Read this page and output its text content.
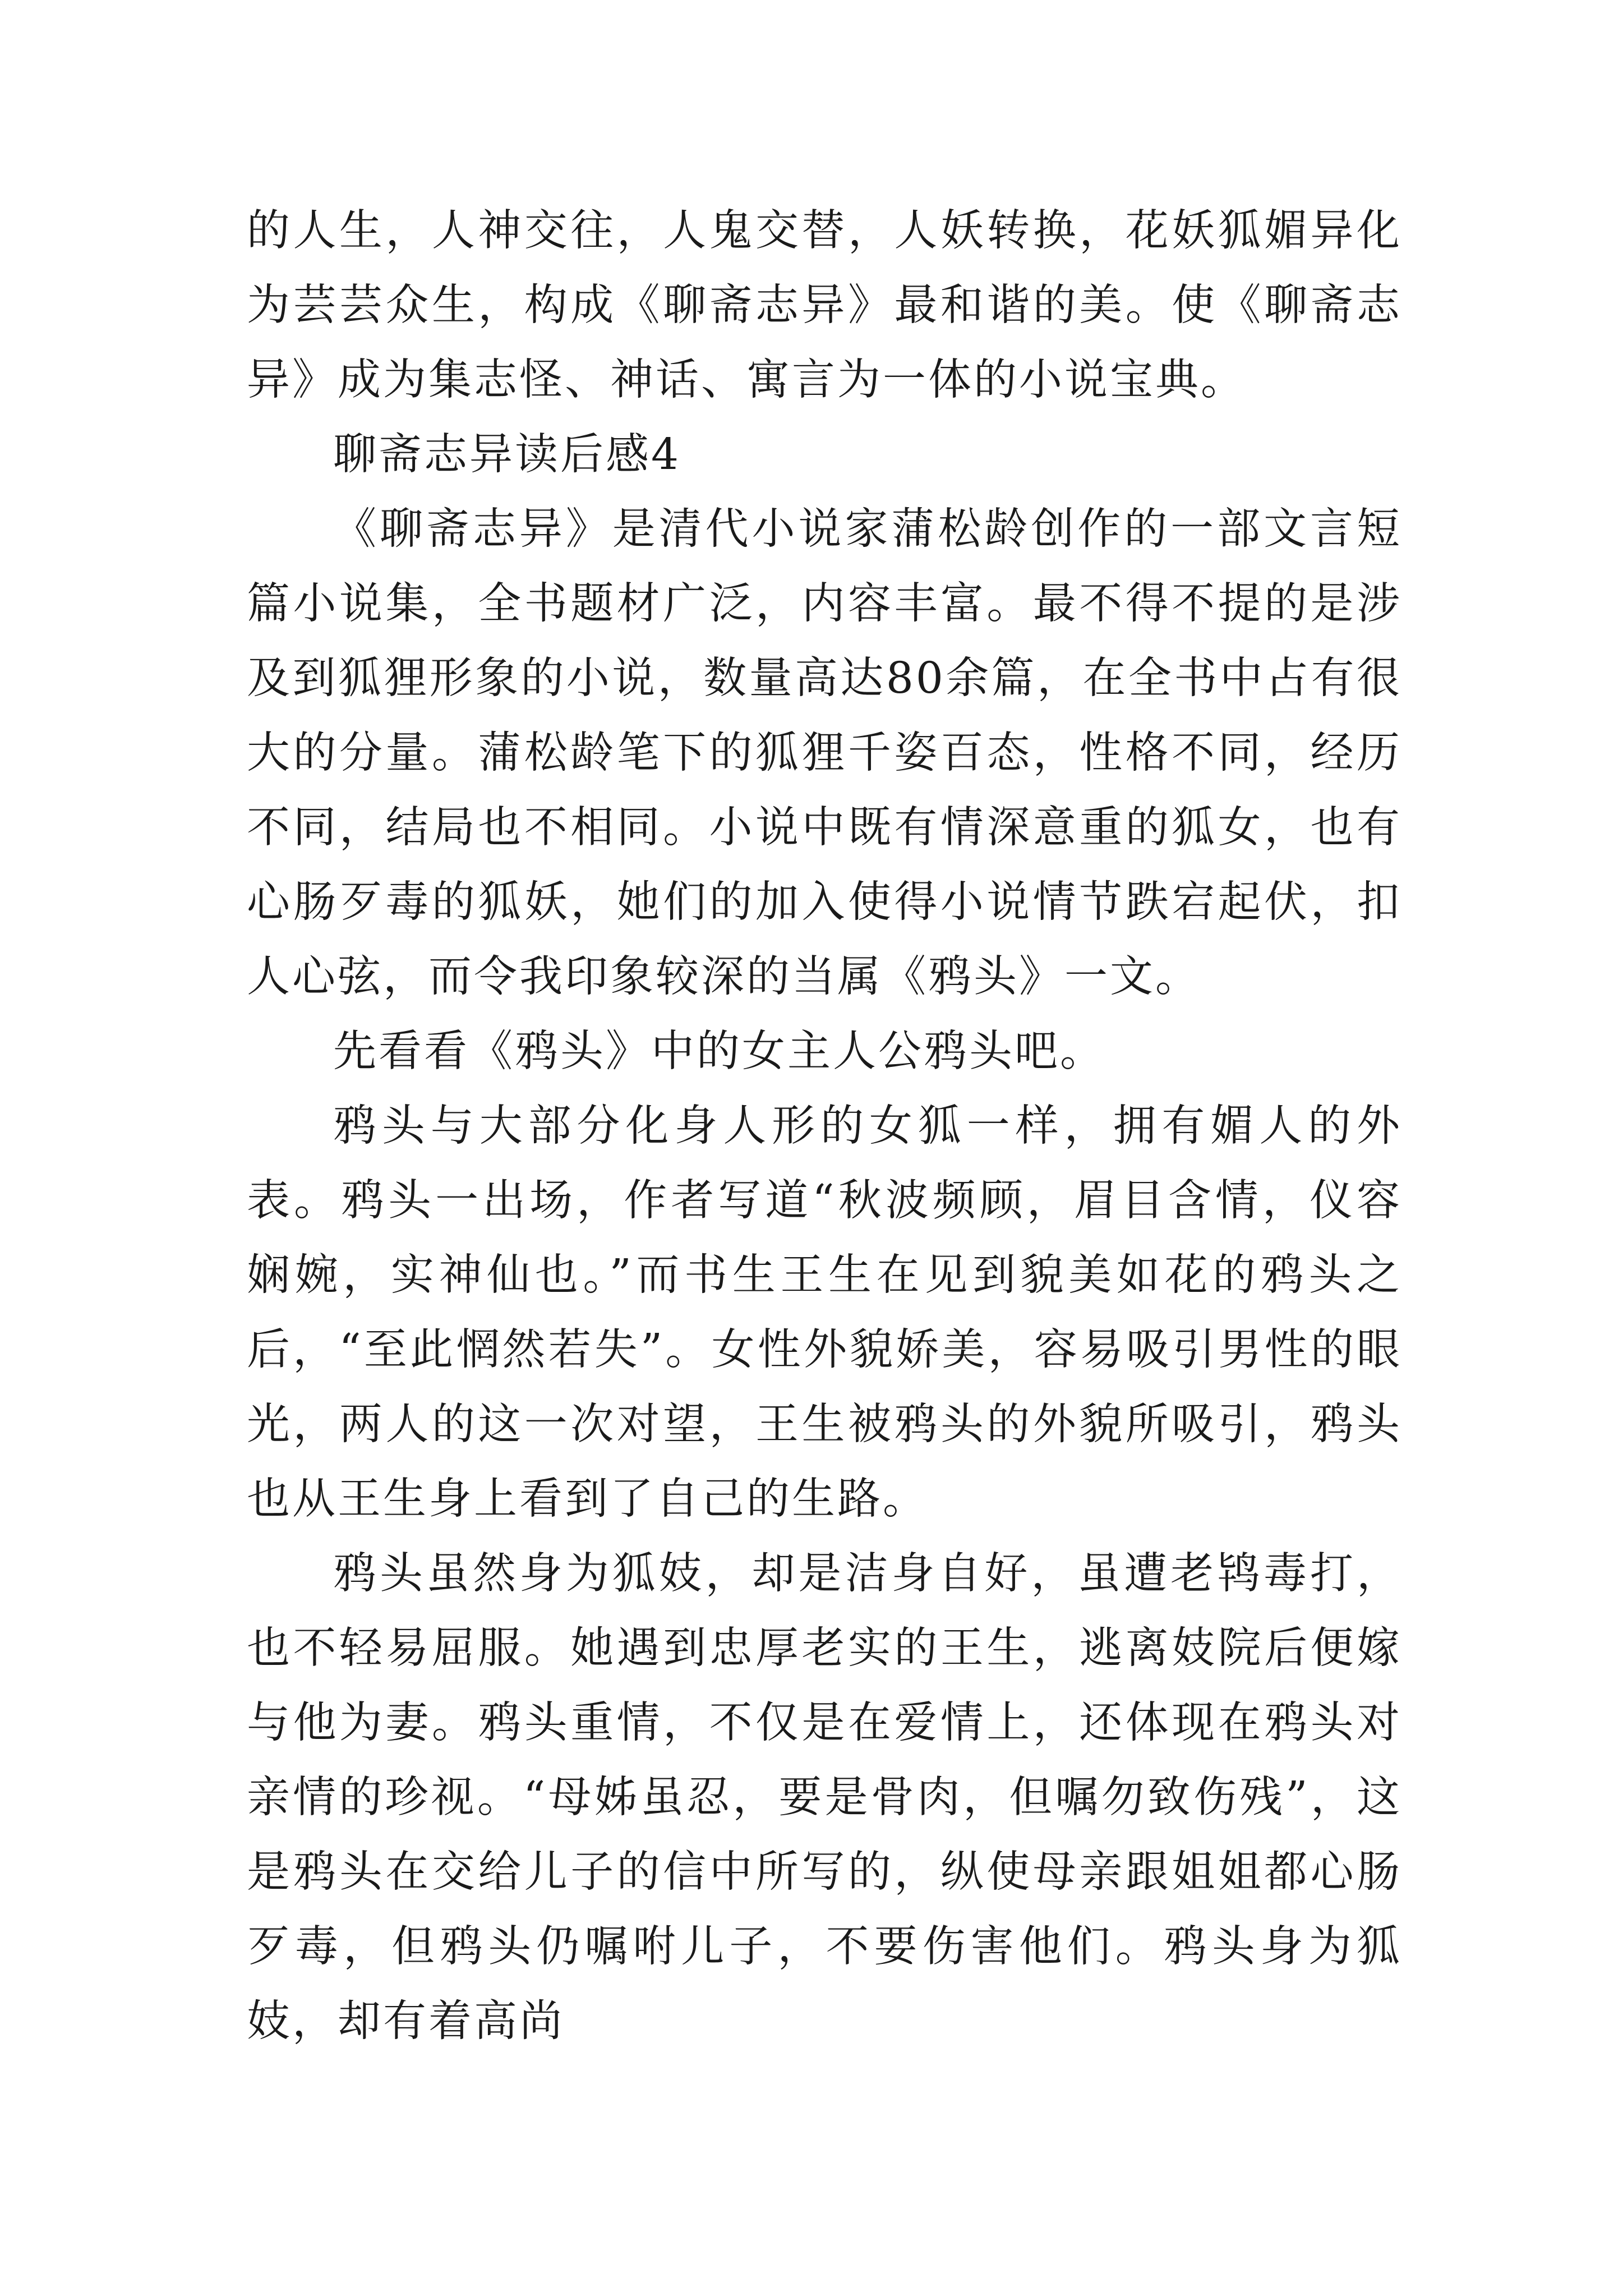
的人生，人神交往，人鬼交替，人妖转换，花妖狐媚异化为芸芸众生，构成《聊斋志异》最和谐的美。使《聊斋志异》成为集志怪、神话、寓言为一体的小说宝典。

聊斋志异读后感4

《聊斋志异》是清代小说家蒲松龄创作的一部文言短篇小说集，全书题材广泛，内容丰富。最不得不提的是涉及到狐狸形象的小说，数量高达80余篇，在全书中占有很大的分量。蒲松龄笔下的狐狸千姿百态，性格不同，经历不同，结局也不相同。小说中既有情深意重的狐女，也有心肠歹毒的狐妖，她们的加入使得小说情节跌宕起伏，扣人心弦，而令我印象较深的当属《鸦头》一文。

先看看《鸦头》中的女主人公鸦头吧。

鸦头与大部分化身人形的女狐一样，拥有媚人的外表。鸦头一出场，作者写道“秋波频顾，眉目含情，仪容娴婉，实神仙也。”而书生王生在见到貌美如花的鸦头之后，“至此惘然若失”。女性外貌娇美，容易吸引男性的眼光，两人的这一次对望，王生被鸦头的外貌所吸引，鸦头也从王生身上看到了自己的生路。

鸦头虽然身为狐妓，却是洁身自好，虽遭老鸨毒打，也不轻易屈服。她遇到忠厚老实的王生，逃离妓院后便嫁与他为妻。鸦头重情，不仅是在爱情上，还体现在鸦头对亲情的珍视。“母姊虽忍，要是骨肉，但嘱勿致伤残”，这是鸦头在交给儿子的信中所写的，纵使母亲跟姐姐都心肠歹毒，但鸦头仍嘱咐儿子，不要伤害他们。鸦头身为狐妓，却有着高尚
